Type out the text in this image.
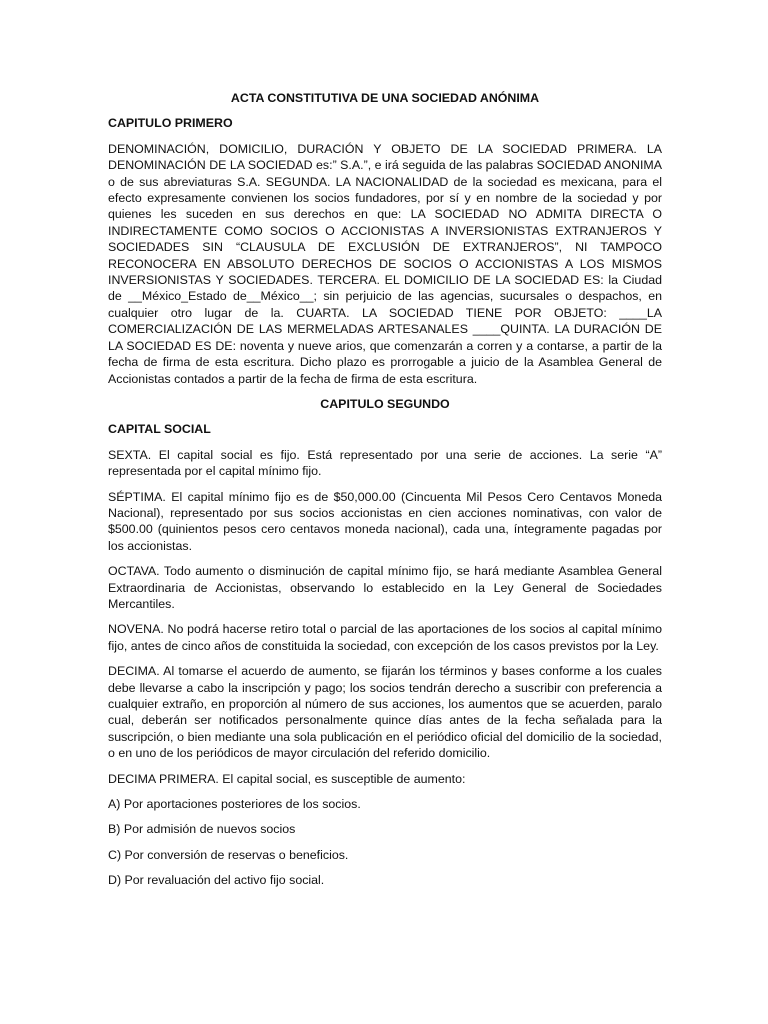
ACTA CONSTITUTIVA DE UNA SOCIEDAD ANÓNIMA
CAPITULO PRIMERO

DENOMINACIÓN, DOMICILIO, DURACIÓN Y OBJETO DE LA SOCIEDAD PRIMERA. LA DENOMINACIÓN DE LA SOCIEDAD es:” S.A.”, e irá seguida de las palabras SOCIEDAD ANONIMA o de sus abreviaturas S.A. SEGUNDA. LA NACIONALIDAD de la sociedad es mexicana, para el efecto expresamente convienen los socios fundadores, por sí y en nombre de la sociedad y por quienes les suceden en sus derechos en que: LA SOCIEDAD NO ADMITA DIRECTA O INDIRECTAMENTE COMO SOCIOS O ACCIONISTAS A INVERSIONISTAS EXTRANJEROS Y SOCIEDADES SIN “CLAUSULA DE EXCLUSIÓN DE EXTRANJEROS”, NI TAMPOCO RECONOCERA EN ABSOLUTO DERECHOS DE SOCIOS O ACCIONISTAS A LOS MISMOS INVERSIONISTAS Y SOCIEDADES. TERCERA. EL DOMICILIO DE LA SOCIEDAD ES: la Ciudad de __México_Estado de__México__; sin perjuicio de las agencias, sucursales o despachos, en cualquier otro lugar de la. CUARTA. LA SOCIEDAD TIENE POR OBJETO: ____LA COMERCIALIZACIÓN DE LAS MERMELADAS ARTESANALES ____QUINTA. LA DURACIÓN DE LA SOCIEDAD ES DE: noventa y nueve arios, que comenzarán a corren y a contarse, a partir de la fecha de firma de esta escritura. Dicho plazo es prorrogable a juicio de la Asamblea General de Accionistas contados a partir de la fecha de firma de esta escritura.

CAPITULO SEGUNDO
CAPITAL SOCIAL

SEXTA. El capital social es fijo. Está representado por una serie de acciones. La serie “A” representada por el capital mínimo fijo.

SÉPTIMA. El capital mínimo fijo es de $50,000.00 (Cincuenta Mil Pesos Cero Centavos Moneda Nacional), representado por sus socios accionistas en cien acciones nominativas, con valor de $500.00 (quinientos pesos cero centavos moneda nacional), cada una, íntegramente pagadas por los accionistas.

OCTAVA. Todo aumento o disminución de capital mínimo fijo, se hará mediante Asamblea General Extraordinaria de Accionistas, observando lo establecido en la Ley General de Sociedades Mercantiles.

NOVENA. No podrá hacerse retiro total o parcial de las aportaciones de los socios al capital mínimo fijo, antes de cinco años de constituida la sociedad, con excepción de los casos previstos por la Ley.

DECIMA. Al tomarse el acuerdo de aumento, se fijarán los términos y bases conforme a los cuales debe llevarse a cabo la inscripción y pago; los socios tendrán derecho a suscribir con preferencia a cualquier extraño, en proporción al número de sus acciones, los aumentos que se acuerden, paralo cual, deberán ser notificados personalmente quince días antes de la fecha señalada para la suscripción, o bien mediante una sola publicación en el periódico oficial del domicilio de la sociedad, o en uno de los periódicos de mayor circulación del referido domicilio.

DECIMA PRIMERA. El capital social, es susceptible de aumento:

A) Por aportaciones posteriores de los socios.

B) Por admisión de nuevos socios

C) Por conversión de reservas o beneficios.

D) Por revaluación del activo fijo social.
